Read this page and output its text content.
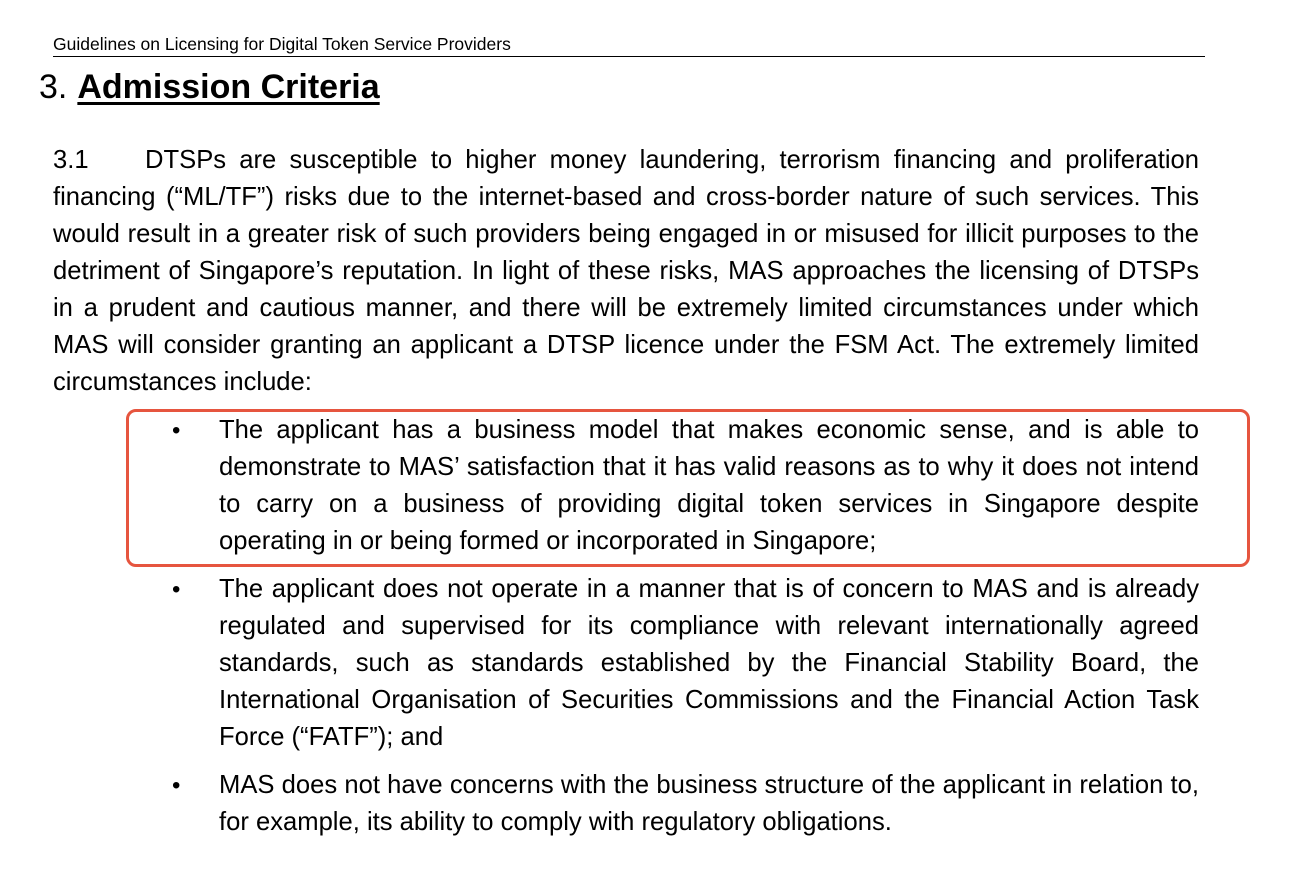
Guidelines on Licensing for Digital Token Service Providers
3. Admission Criteria
3.1 DTSPs are susceptible to higher money laundering, terrorism financing and proliferation financing (“ML/TF”) risks due to the internet-based and cross-border nature of such services. This would result in a greater risk of such providers being engaged in or misused for illicit purposes to the detriment of Singapore’s reputation. In light of these risks, MAS approaches the licensing of DTSPs in a prudent and cautious manner, and there will be extremely limited circumstances under which MAS will consider granting an applicant a DTSP licence under the FSM Act. The extremely limited circumstances include:
•	The applicant has a business model that makes economic sense, and is able to demonstrate to MAS’ satisfaction that it has valid reasons as to why it does not intend to carry on a business of providing digital token services in Singapore despite operating in or being formed or incorporated in Singapore;
•	The applicant does not operate in a manner that is of concern to MAS and is already regulated and supervised for its compliance with relevant internationally agreed standards, such as standards established by the Financial Stability Board, the International Organisation of Securities Commissions and the Financial Action Task Force (“FATF”); and
•	MAS does not have concerns with the business structure of the applicant in relation to, for example, its ability to comply with regulatory obligations.
